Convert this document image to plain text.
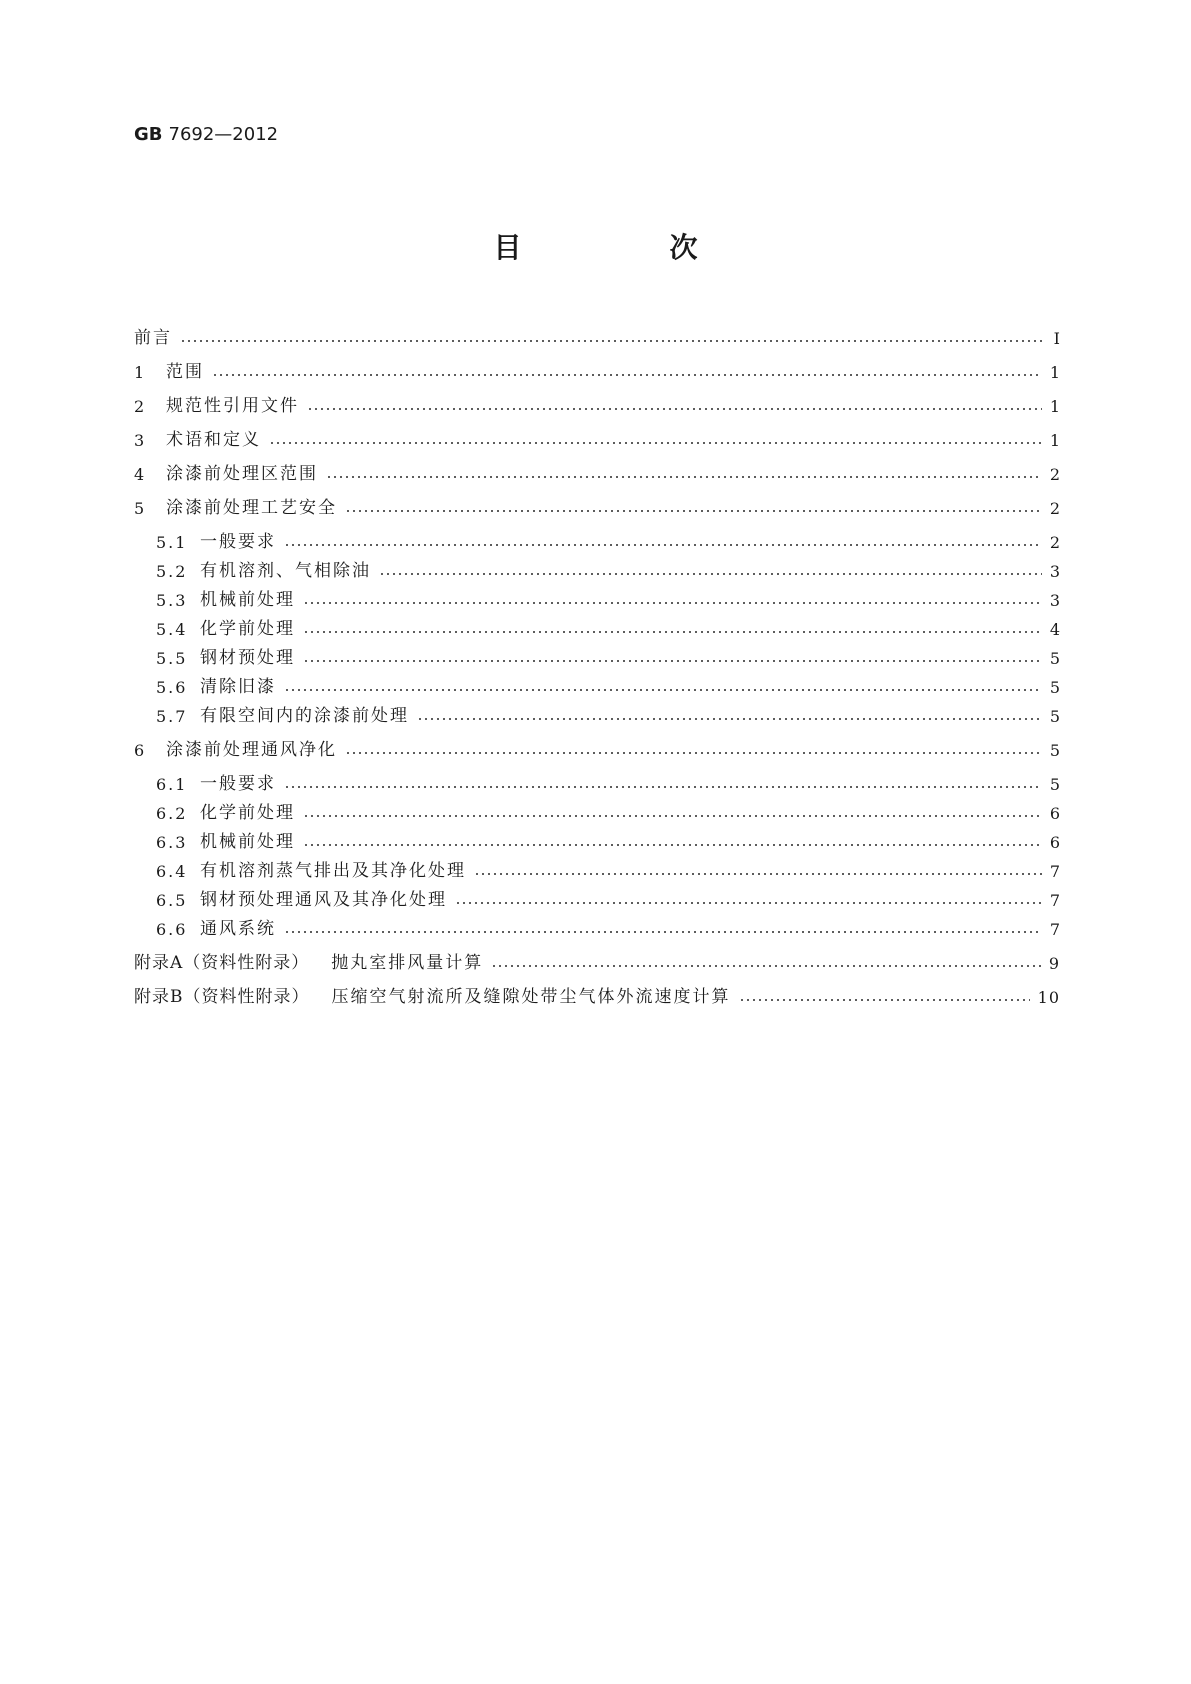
GB 7692—2012
目　次
前言	Ⅰ
1	范围	1
2	规范性引用文件	1
3	术语和定义	1
4	涂漆前处理区范围	2
5	涂漆前处理工艺安全	2
5.1 一般要求	2
5.2 有机溶剂、气相除油	3
5.3 机械前处理	3
5.4 化学前处理	4
5.5 钢材预处理	5
5.6 清除旧漆	5
5.7 有限空间内的涂漆前处理	5
6	涂漆前处理通风净化	5
6.1 一般要求	5
6.2 化学前处理	6
6.3 机械前处理	6
6.4 有机溶剂蒸气排出及其净化处理	7
6.5 钢材预处理通风及其净化处理	7
6.6 通风系统	7
附录A（资料性附录） 抛丸室排风量计算	9
附录B（资料性附录） 压缩空气射流所及缝隙处带尘气体外流速度计算	10
